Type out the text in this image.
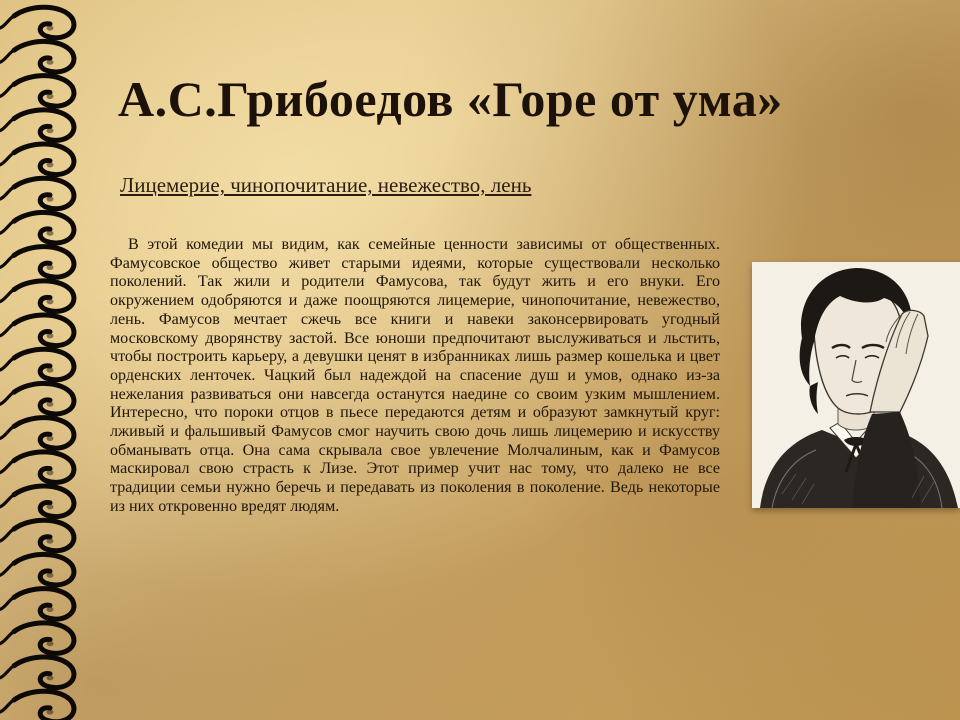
А.С.Грибоедов «Горе от ума»
Лицемерие, чинопочитание, невежество, лень

В этой комедии мы видим, как семейные ценности зависимы от общественных. Фамусовское общество живет старыми идеями, которые существовали несколько поколений. Так жили и родители Фамусова, так будут жить и его внуки. Его окружением одобряются и даже поощряются лицемерие, чинопочитание, невежество, лень. Фамусов мечтает сжечь все книги и навеки законсервировать угодный московскому дворянству застой. Все юноши предпочитают выслуживаться и льстить, чтобы построить карьеру, а девушки ценят в избранниках лишь размер кошелька и цвет орденских ленточек. Чацкий был надеждой на спасение душ и умов, однако из-за нежелания развиваться они навсегда останутся наедине со своим узким мышлением. Интересно, что пороки отцов в пьесе передаются детям и образуют замкнутый круг: лживый и фальшивый Фамусов смог научить свою дочь лишь лицемерию и искусству обманывать отца. Она сама скрывала свое увлечение Молчалиным, как и Фамусов маскировал свою страсть к Лизе. Этот пример учит нас тому, что далеко не все традиции семьи нужно беречь и передавать из поколения в поколение. Ведь некоторые из них откровенно вредят людям.
